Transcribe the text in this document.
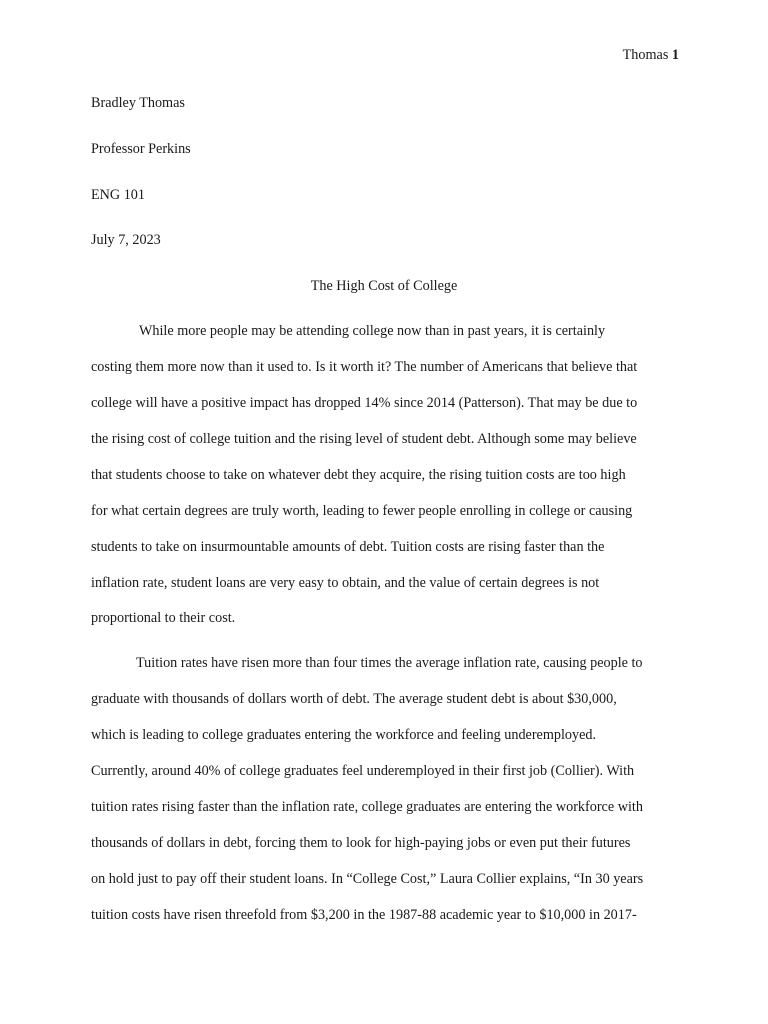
Thomas 1
Bradley Thomas
Professor Perkins
ENG 101
July 7, 2023
The High Cost of College
While more people may be attending college now than in past years, it is certainly
costing them more now than it used to. Is it worth it? The number of Americans that believe that
college will have a positive impact has dropped 14% since 2014 (Patterson). That may be due to
the rising cost of college tuition and the rising level of student debt. Although some may believe
that students choose to take on whatever debt they acquire, the rising tuition costs are too high
for what certain degrees are truly worth, leading to fewer people enrolling in college or causing
students to take on insurmountable amounts of debt. Tuition costs are rising faster than the
inflation rate, student loans are very easy to obtain, and the value of certain degrees is not
proportional to their cost.
Tuition rates have risen more than four times the average inflation rate, causing people to
graduate with thousands of dollars worth of debt. The average student debt is about $30,000,
which is leading to college graduates entering the workforce and feeling underemployed.
Currently, around 40% of college graduates feel underemployed in their first job (Collier). With
tuition rates rising faster than the inflation rate, college graduates are entering the workforce with
thousands of dollars in debt, forcing them to look for high-paying jobs or even put their futures
on hold just to pay off their student loans. In “College Cost,” Laura Collier explains, “In 30 years
tuition costs have risen threefold from $3,200 in the 1987-88 academic year to $10,000 in 2017-
